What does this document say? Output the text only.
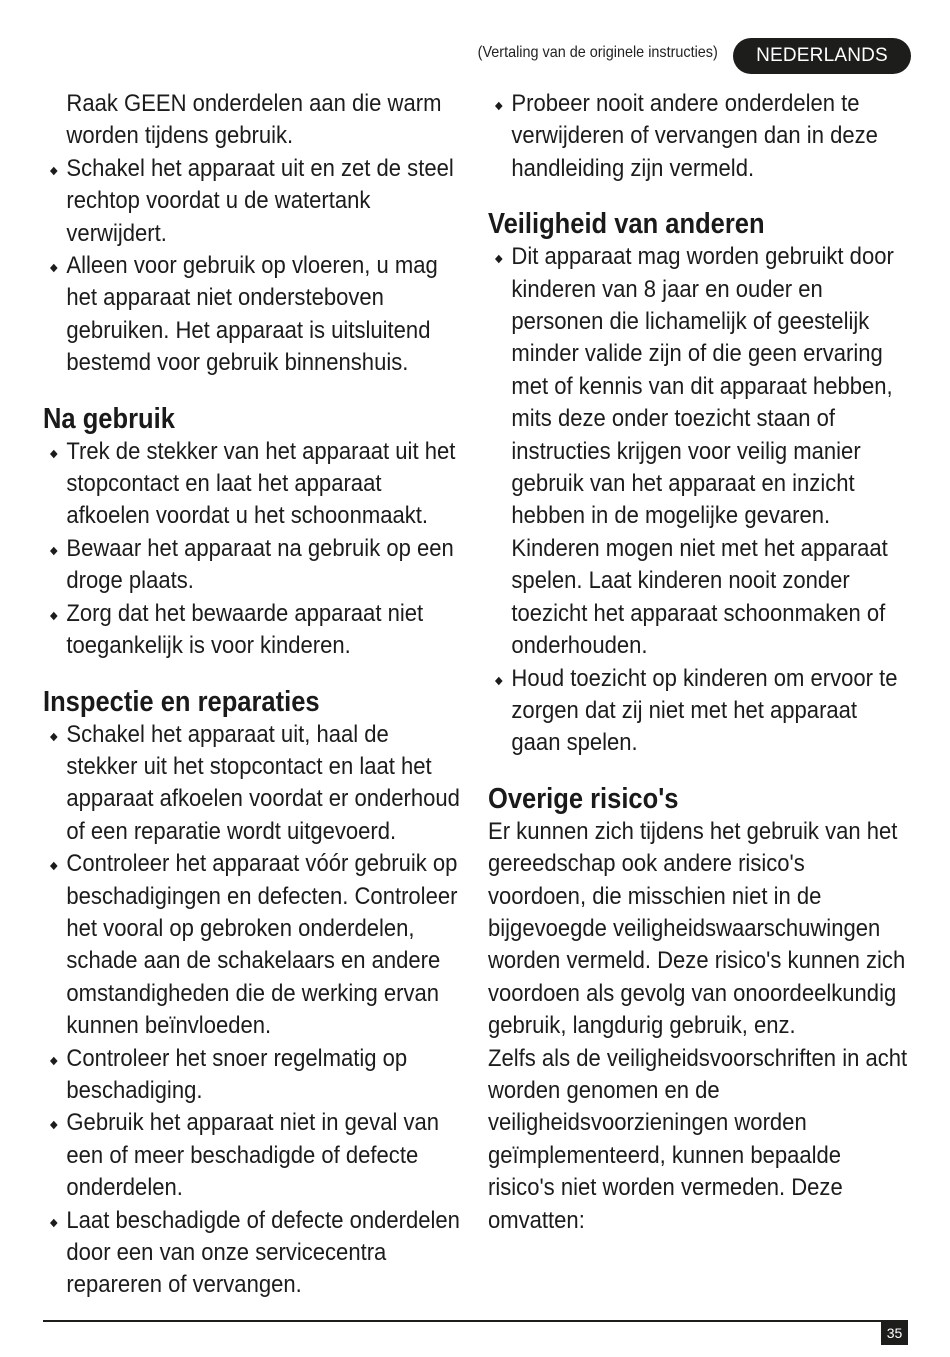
(Vertaling van de originele instructies)	NEDERLANDS
Raak GEEN onderdelen aan die warm worden tijdens gebruik.
Schakel het apparaat uit en zet de steel rechtop voordat u de watertank verwijdert.
Alleen voor gebruik op vloeren, u mag het apparaat niet ondersteboven gebruiken. Het apparaat is uitsluitend bestemd voor gebruik binnenshuis.
Na gebruik
Trek de stekker van het apparaat uit het stopcontact en laat het apparaat afkoelen voordat u het schoonmaakt.
Bewaar het apparaat na gebruik op een droge plaats.
Zorg dat het bewaarde apparaat niet toegankelijk is voor kinderen.
Inspectie en reparaties
Schakel het apparaat uit, haal de stekker uit het stopcontact en laat het apparaat afkoelen voordat er onderhoud of een reparatie wordt uitgevoerd.
Controleer het apparaat vóór gebruik op beschadigingen en defecten. Controleer het vooral op gebroken onderdelen, schade aan de schakelaars en andere omstandigheden die de werking ervan kunnen beïnvloeden.
Controleer het snoer regelmatig op beschadiging.
Gebruik het apparaat niet in geval van een of meer beschadigde of defecte onderdelen.
Laat beschadigde of defecte onderdelen door een van onze servicecentra repareren of vervangen.
Probeer nooit andere onderdelen te verwijderen of vervangen dan in deze handleiding zijn vermeld.
Veiligheid van anderen
Dit apparaat mag worden gebruikt door kinderen van 8 jaar en ouder en personen die lichamelijk of geestelijk minder valide zijn of die geen ervaring met of kennis van dit apparaat hebben, mits deze onder toezicht staan of instructies krijgen voor veilig manier gebruik van het apparaat en inzicht hebben in de mogelijke gevaren. Kinderen mogen niet met het apparaat spelen. Laat kinderen nooit zonder toezicht het apparaat schoonmaken of onderhouden.
Houd toezicht op kinderen om ervoor te zorgen dat zij niet met het apparaat gaan spelen.
Overige risico's

Er kunnen zich tijdens het gebruik van het gereedschap ook andere risico's voordoen, die misschien niet in de bijgevoegde veiligheidswaarschuwingen worden vermeld. Deze risico's kunnen zich voordoen als gevolg van onoordeelkundig gebruik, langdurig gebruik, enz.

Zelfs als de veiligheidsvoorschriften in acht worden genomen en de veiligheidsvoorzieningen worden geïmplementeerd, kunnen bepaalde risico's niet worden vermeden. Deze omvatten:

35
